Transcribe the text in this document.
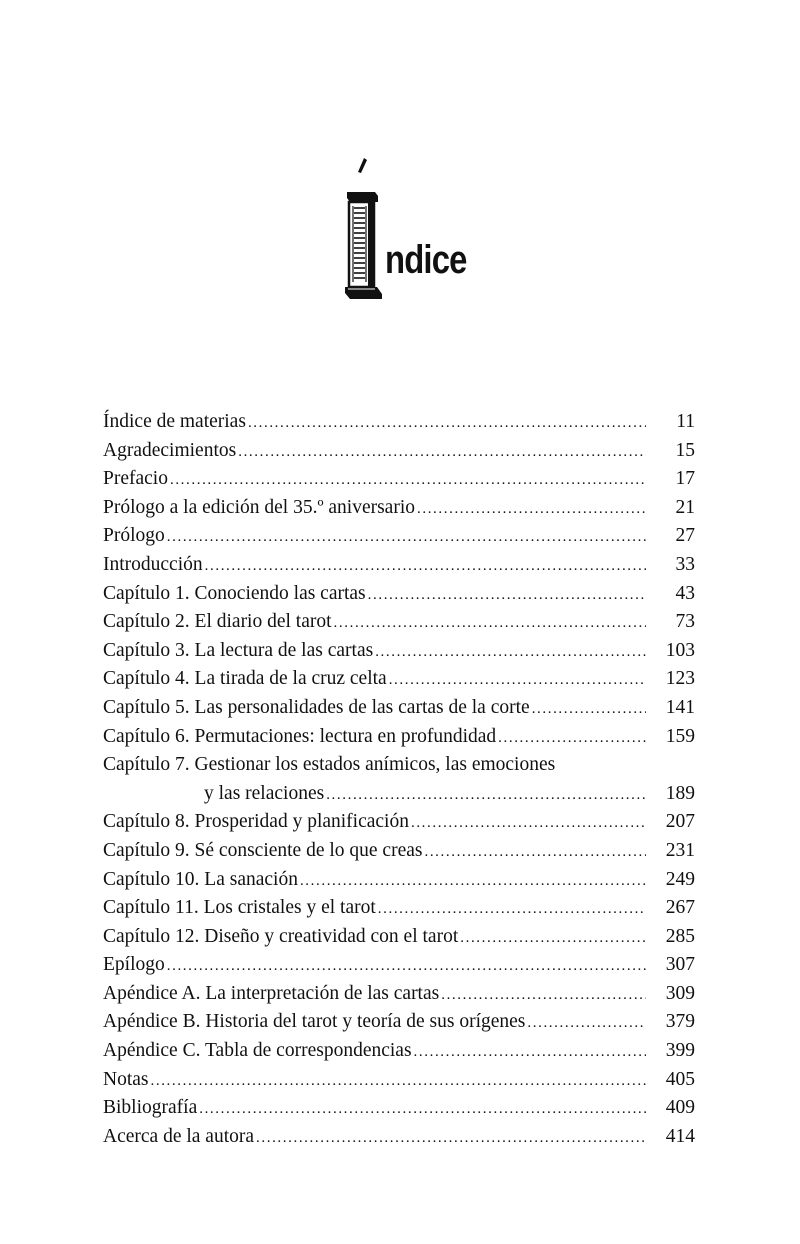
ndice
Índice de materias .....	11
Agradecimientos .....	15
Prefacio .....	17
Prólogo a la edición del 35.º aniversario .....	21
Prólogo .....	27
Introducción .....	33
Capítulo 1. Conociendo las cartas .....	43
Capítulo 2. El diario del tarot .....	73
Capítulo 3. La lectura de las cartas .....	103
Capítulo 4. La tirada de la cruz celta .....	123
Capítulo 5. Las personalidades de las cartas de la corte .....	141
Capítulo 6. Permutaciones: lectura en profundidad .....	159
Capítulo 7. Gestionar los estados anímicos, las emociones
y las relaciones .....	189
Capítulo 8. Prosperidad y planificación .....	207
Capítulo 9. Sé consciente de lo que creas .....	231
Capítulo 10. La sanación .....	249
Capítulo 11. Los cristales y el tarot .....	267
Capítulo 12. Diseño y creatividad con el tarot .....	285
Epílogo .....	307
Apéndice A. La interpretación de las cartas .....	309
Apéndice B. Historia del tarot y teoría de sus orígenes .....	379
Apéndice C. Tabla de correspondencias .....	399
Notas .....	405
Bibliografía .....	409
Acerca de la autora .....	414
